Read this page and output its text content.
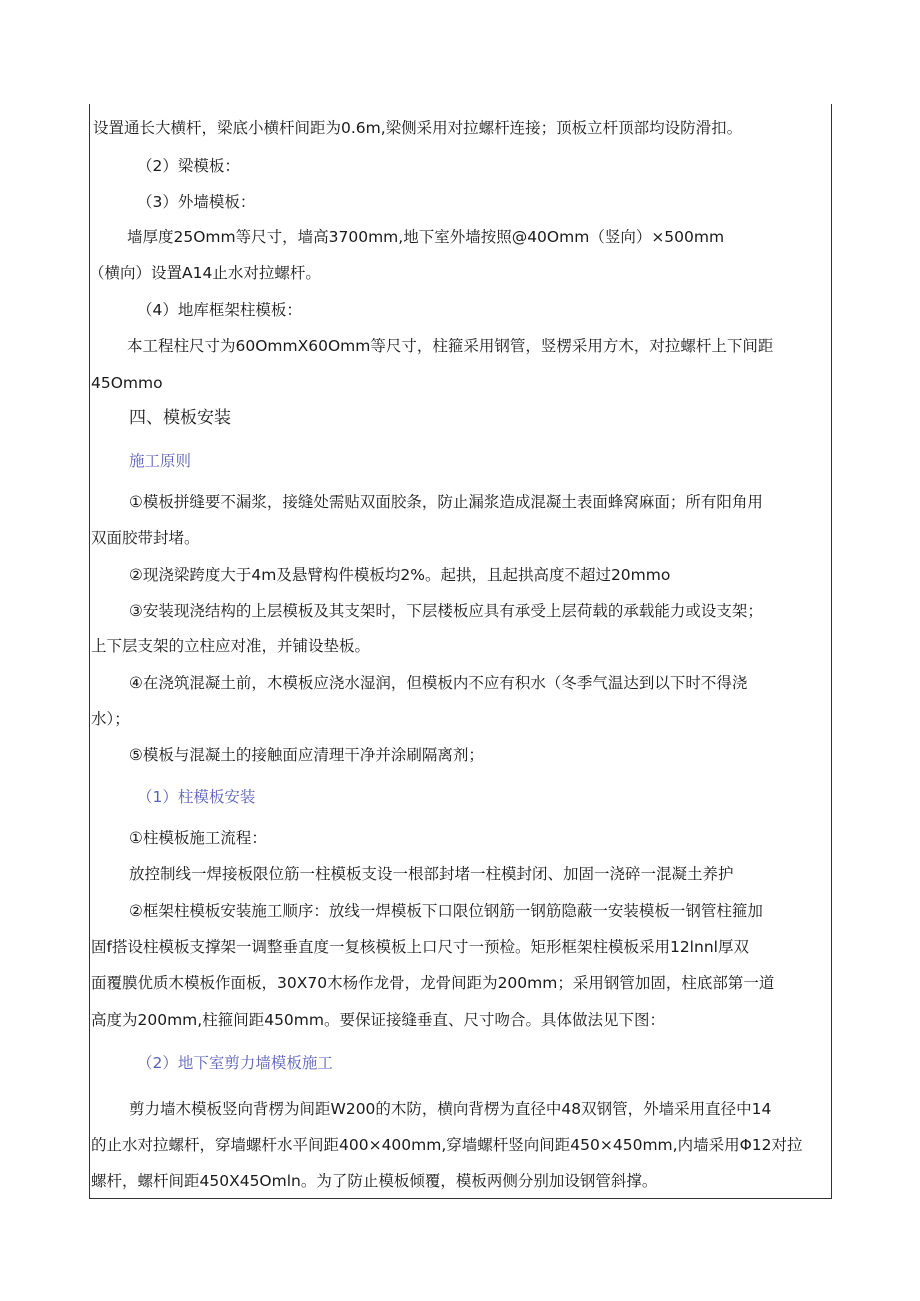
设置通长大横杆，梁底小横杆间距为0.6m,梁侧采用对拉螺杆连接；顶板立杆顶部均设防滑扣。
（2）梁模板：
（3）外墙模板：
墙厚度25Omm等尺寸，墙高3700mm,地下室外墙按照@40Omm（竖向）×500mm
（横向）设置A14止水对拉螺杆。
（4）地库框架柱模板：
本工程柱尺寸为60OmmX60Omm等尺寸，柱箍采用钢管，竖楞采用方木，对拉螺杆上下间距
45Ommo
四、模板安装
施工原则
①模板拼缝要不漏浆，接缝处需贴双面胶条，防止漏浆造成混凝土表面蜂窝麻面；所有阳角用
双面胶带封堵。
②现浇梁跨度大于4m及悬臂构件模板均2%。起拱，且起拱高度不超过20mmo
③安装现浇结构的上层模板及其支架时，下层楼板应具有承受上层荷载的承载能力或设支架；
上下层支架的立柱应对准，并铺设垫板。
④在浇筑混凝土前，木模板应浇水湿润，但模板内不应有积水（冬季气温达到以下时不得浇
水）；
⑤模板与混凝土的接触面应清理干净并涂刷隔离剂；
（1）柱模板安装
①柱模板施工流程：
放控制线一焊接板限位筋一柱模板支设一根部封堵一柱模封闭、加固一浇碎一混凝土养护
②框架柱模板安装施工顺序：放线一焊模板下口限位钢筋一钢筋隐蔽一安装模板一钢管柱箍加
固f搭设柱模板支撑架一调整垂直度一复核模板上口尺寸一预检。矩形框架柱模板采用12lnnl厚双
面覆膜优质木模板作面板，30X70木杨作龙骨，龙骨间距为200mm；采用钢管加固，柱底部第一道
高度为200mm,柱箍间距450mm。要保证接缝垂直、尺寸吻合。具体做法见下图：
（2）地下室剪力墙模板施工
剪力墙木模板竖向背楞为间距W200的木防，横向背楞为直径中48双钢管，外墙采用直径中14
的止水对拉螺杆，穿墙螺杆水平间距400×400mm,穿墙螺杆竖向间距450×450mm,内墙采用Φ12对拉
螺杆，螺杆间距450X45Omln。为了防止模板倾覆，模板两侧分别加设钢管斜撑。
